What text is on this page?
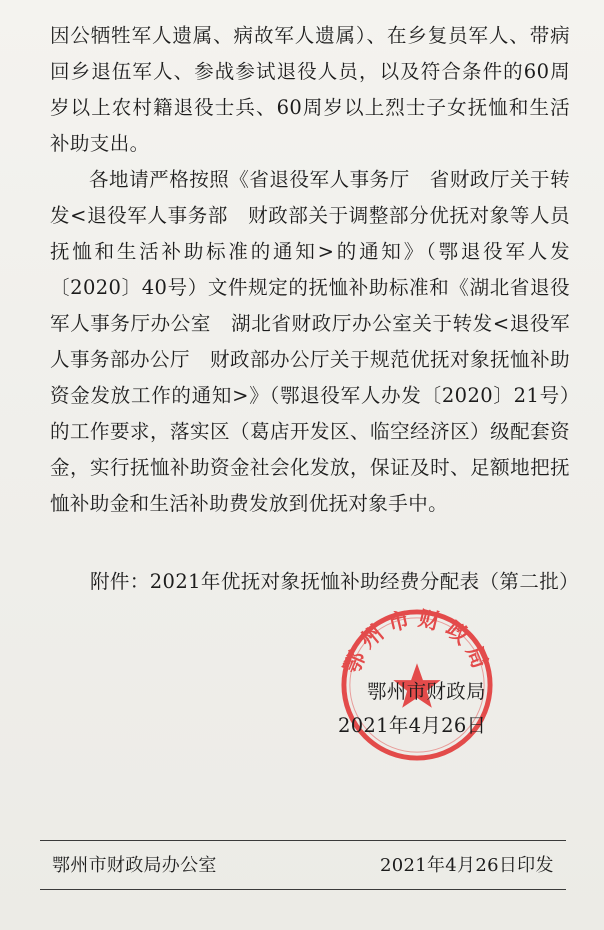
因公牺牲军人遗属、病故军人遗属）、在乡复员军人、带病回乡退伍军人、参战参试退役人员，以及符合条件的60周岁以上农村籍退役士兵、60周岁以上烈士子女抚恤和生活补助支出。

各地请严格按照《省退役军人事务厅　省财政厅关于转发<退役军人事务部　财政部关于调整部分优抚对象等人员抚恤和生活补助标准的通知>的通知》（鄂退役军人发〔2020〕40号）文件规定的抚恤补助标准和《湖北省退役军人事务厅办公室　湖北省财政厅办公室关于转发<退役军人事务部办公厅　财政部办公厅关于规范优抚对象抚恤补助资金发放工作的通知>》（鄂退役军人办发〔2020〕21号）的工作要求，落实区（葛店开发区、临空经济区）级配套资金，实行抚恤补助资金社会化发放，保证及时、足额地把抚恤补助金和生活补助费发放到优抚对象手中。

附件：2021年优抚对象抚恤补助经费分配表（第二批）
鄂州市财政局
鄂州市财政局
2021年4月26日
鄂州市财政局办公室	2021年4月26日印发
